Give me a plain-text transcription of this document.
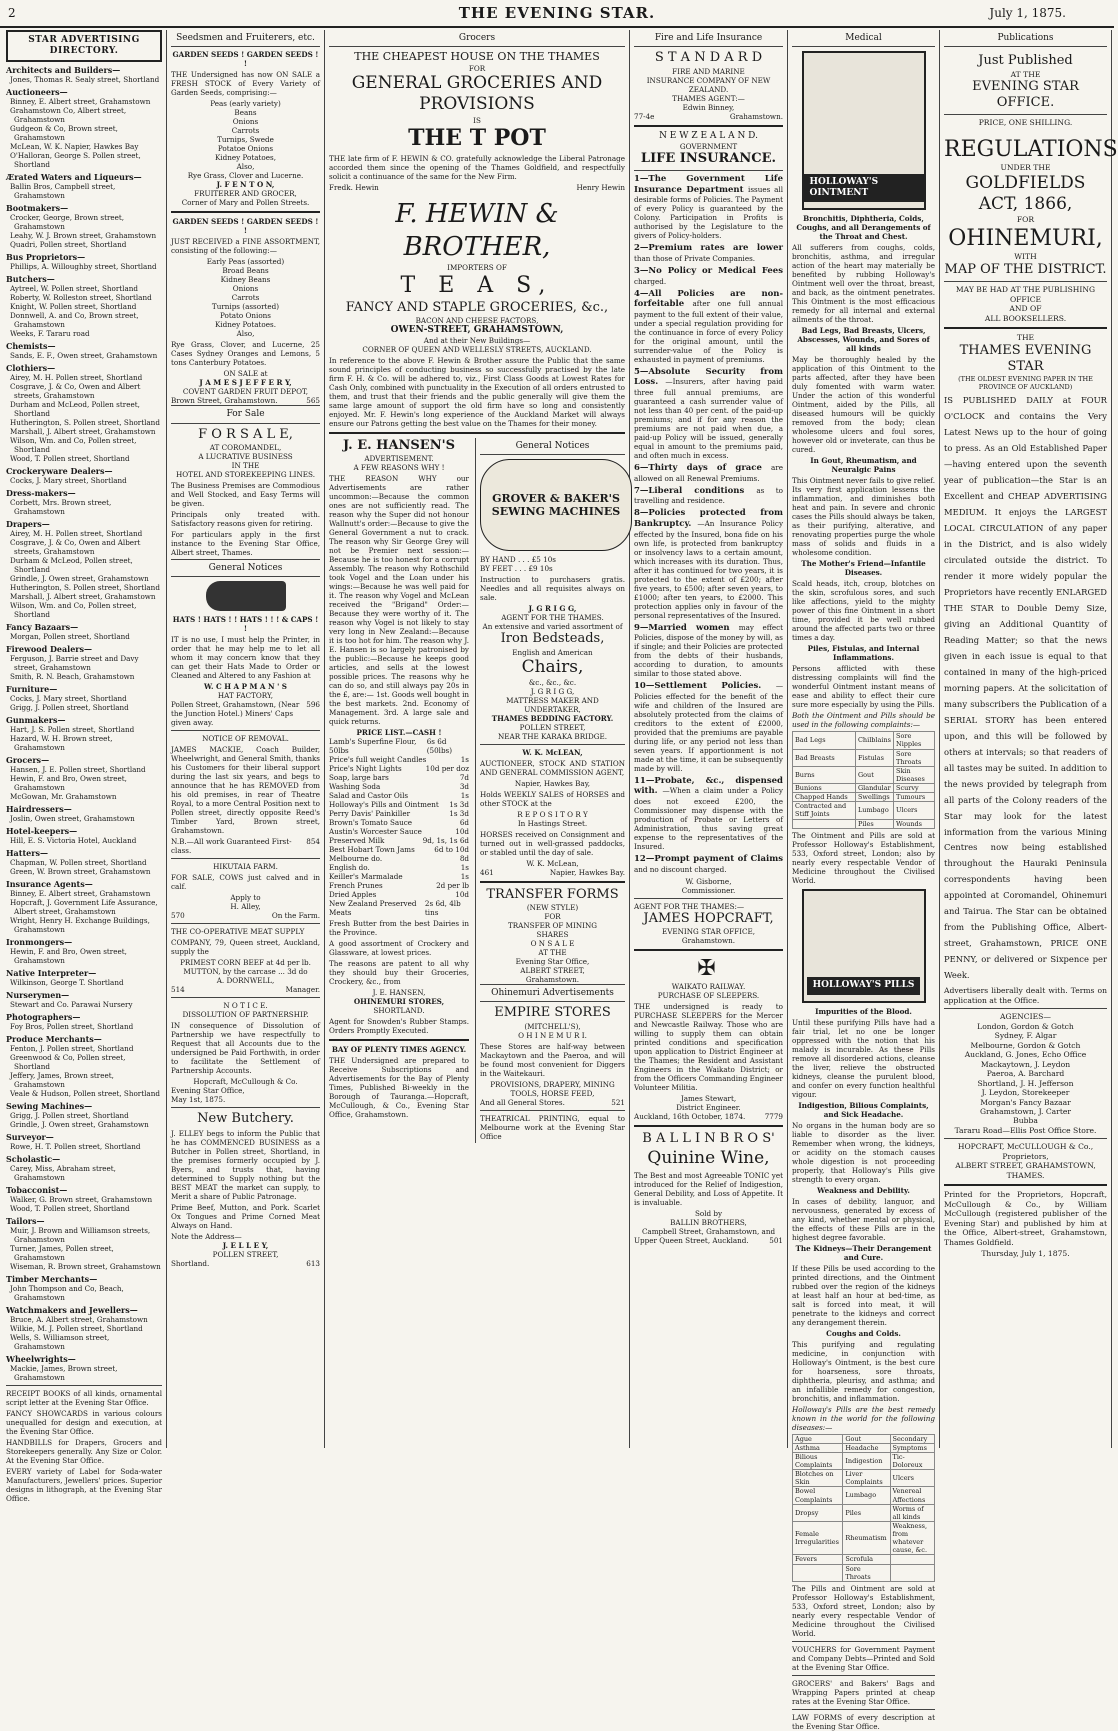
2	THE EVENING STAR.	July 1, 1875.
STAR ADVERTISING DIRECTORY.
Architects and Builders—
Jones, Thomas R. Sealy street, Shortland
Auctioneers—
Binney, E. Albert street, Grahamstown
Grahamstown Co, Albert street, Grahamstown
Gudgeon & Co, Brown street, Grahamstown
McLean, W. K. Napier, Hawkes Bay
O'Halloran, George S. Pollen street, Shortland
Ærated Waters and Liqueurs—
Ballin Bros, Campbell street, Grahamstown
Bootmakers—
Crocker, George, Brown street, Grahamstown
Leahy, W. J. Brown street, Grahamstown
Quadri, Pollen street, Shortland
Bus Proprietors—
Phillips, A. Willoughby street, Shortland
Butchers—
Aytreel, W. Pollen street, Shortland
Roberty, W. Rolleston street, Shortland
Knight, W. Pollen street, Shortland
Donnwell, A. and Co, Brown street, Grahamstown
Weeks, F. Tararu road
Chemists—
Sands, E. F., Owen street, Grahamstown
Clothiers—
Airey, M. H. Pollen street, Shortland
Cosgrave, J. & Co, Owen and Albert streets, Grahamstown
Durham and McLeod, Pollen street, Shortland
Hutherington, S. Pollen street, Shortland
Marshall, J. Albert street, Grahamstown
Wilson, Wm. and Co, Pollen street, Shortland
Wood, T. Pollen street, Shortland
Crockeryware Dealers—
Cocks, J. Mary street, Shortland
Dress-makers—
Corbett, Mrs. Brown street, Grahamstown
Drapers—
Airey, M. H. Pollen street, Shortland
Cosgrave, J. & Co, Owen and Albert streets, Grahamstown
Durham & McLeod, Pollen street, Shortland
Grindle, J. Owen street, Grahamstown
Hutherington, S. Pollen street, Shortland
Marshall, J. Albert street, Grahamstown
Wilson, Wm. and Co, Pollen street, Shortland
Fancy Bazaars—
Morgan, Pollen street, Shortland
Firewood Dealers—
Ferguson, J. Barrie street and Davy street, Grahamstown
Smith, R. N. Beach, Grahamstown
Furniture—
Cocks, J. Mary street, Shortland
Grigg, J. Pollen street, Shortland
Gunmakers—
Hart, J. S. Pollen street, Shortland
Hazard, W. H. Brown street, Grahamstown
Grocers—
Hansen, J. E. Pollen street, Shortland
Hewin, F. and Bro, Owen street, Grahamstown
McGowan, Mr. Grahamstown
Hairdressers—
Joslin, Owen street, Grahamstown
Hotel-keepers—
Hill, E. S. Victoria Hotel, Auckland
Hatters—
Chapman, W. Pollen street, Shortland
Green, W. Brown street, Grahamstown
Insurance Agents—
Binney, E. Albert street, Grahamstown
Hopcraft, J. Government Life Assurance, Albert street, Grahamstown
Wright, Henry H. Exchange Buildings, Grahamstown
Ironmongers—
Hewin, F. and Bro, Owen street, Grahamstown
Native Interpreter—
Wilkinson, George T. Shortland
Nurserymen—
Stewart and Co. Parawai Nursery
Photographers—
Foy Bros, Pollen street, Shortland
Produce Merchants—
Fenton, J. Pollen street, Shortland
Greenwood & Co, Pollen street, Shortland
Jeffery, James, Brown street, Grahamstown
Veale & Hudson, Pollen street, Shortland
Sewing Machines—
Grigg, J. Pollen street, Shortland
Grindle, J. Owen street, Grahamstown
Surveyor—
Rowe, H. T. Pollen street, Shortland
Scholastic—
Carey, Miss, Abraham street, Grahamstown
Tobacconist—
Walker, G. Brown street, Grahamstown
Wood, T. Pollen street, Shortland
Tailors—
Muir, J. Brown and Williamson streets, Grahamstown
Turner, James, Pollen street, Grahamstown
Wiseman, R. Brown street, Grahamstown
Timber Merchants—
John Thompson and Co, Beach, Grahamstown
Watchmakers and Jewellers—
Bruce, A. Albert street, Grahamstown
Wilkie, M. J. Pollen street, Shortland
Wells, S. Williamson street, Grahamstown
Wheelwrights—
Mackie, James, Brown street, Grahamstown
RECEIPT BOOKS of all kinds, ornamental script letter at the Evening Star Office.
FANCY SHOWCARDS in various colours unequalled for design and execution, at the Evening Star Office.
HANDBILLS for Drapers, Grocers and Storekeepers generally. Any Size or Color. At the Evening Star Office.
EVERY variety of Label for Soda-water Manufacturers, Jewellers' prices. Superior designs in lithograph, at the Evening Star Office.
Seedsmen and Fruiterers, etc.
GARDEN SEEDS ! GARDEN SEEDS ! !
THE Undersigned has now ON SALE a FRESH STOCK of Every Variety of Garden Seeds, comprising:—
Peas (early variety)
Beans
Onions
Carrots
Turnips, Swede
Potatoe Onions
Kidney Potatoes,
Also,
Rye Grass, Clover and Lucerne.
J. F E N T O N,
FRUITERER AND GROCER,
Corner of Mary and Pollen Streets.
GARDEN SEEDS ! GARDEN SEEDS ! !
JUST RECEIVED a FINE ASSORTMENT, consisting of the following:—
Early Peas (assorted)
Broad Beans
Kidney Beans
Onions
Carrots
Turnips (assorted)
Potato Onions
Kidney Potatoes.
Also,
Rye Grass, Clover, and Lucerne, 25 Cases Sydney Oranges and Lemons, 5 tons Canterbury Potatoes.
ON SALE at
J A M E S J E F F E R Y,
COVENT GARDEN FRUIT DEPOT,
Brown Street, Grahamstown.	565
For Sale
F O R S A L E,
AT COROMANDEL,
A LUCRATIVE BUSINESS
IN THE
HOTEL AND STOREKEEPING LINES.
The Business Premises are Commodious and Well Stocked, and Easy Terms will be given.
Principals only treated with. Satisfactory reasons given for retiring.
For particulars apply in the first instance to the Evening Star Office, Albert street, Thames.
General Notices
HATS ! HATS ! ! HATS ! ! ! & CAPS ! !
IT is no use, I must help the Printer, in order that he may help me to let all whom it may concern know that they can get their Hats Made to Order or Cleaned and Altered to any Fashion at
W. C H A P M A N ' S
HAT FACTORY,
Pollen Street, Grahamstown, (Near the Junction Hotel.) Miners' Caps given away.
596
NOTICE OF REMOVAL.
JAMES MACKIE, Coach Builder, Wheelwright, and General Smith, thanks his Customers for their liberal support during the last six years, and begs to announce that he has REMOVED from his old premises, in rear of Theatre Royal, to a more Central Position next to Pollen street, directly opposite Reed's Timber Yard, Brown street, Grahamstown.
N.B.—All work Guaranteed First-class.
854
HIKUTAIA FARM.
FOR SALE, COWS just calved and in calf.
Apply to
H. Alley,
570	On the Farm.
THE CO-OPERATIVE MEAT SUPPLY
COMPANY, 79, Queen street, Auckland, supply the
PRIMEST CORN BEEF at 4d per lb.
MUTTON, by the carcase ... 3d do
A. DORNWELL,
514	Manager.
N O T I C E.
DISSOLUTION OF PARTNERSHIP.
IN consequence of Dissolution of Partnership we have respectfully to Request that all Accounts due to the undersigned be Paid Forthwith, in order to facilitate the Settlement of Partnership Accounts.
Hopcraft, McCullough & Co.
Evening Star Office,
May 1st, 1875.
New Butchery.
J. ELLEY begs to inform the Public that he has COMMENCED BUSINESS as a Butcher in Pollen street, Shortland, in the premises formerly occupied by J. Byers, and trusts that, having determined to Supply nothing but the BEST MEAT the market can supply, to Merit a share of Public Patronage.
Prime Beef, Mutton, and Pork. Scarlet Ox Tongues and Prime Corned Meat Always on Hand.
Note the Address—
J. E L L E Y,
POLLEN STREET,
Shortland.	613
Grocers
THE CHEAPEST HOUSE ON THE THAMES
FOR
GENERAL GROCERIES AND PROVISIONS
IS
THE T POT
THE late firm of F. HEWIN & CO. gratefully acknowledge the Liberal Patronage accorded them since the opening of the Thames Goldfield, and respectfully solicit a continuance of the same for the New Firm.
Fredk. Hewin	Henry Hewin
F. HEWIN & BROTHER,
IMPORTERS OF
T E A S,
FANCY AND STAPLE GROCERIES, &c.,
BACON AND CHEESE FACTORS,
OWEN-STREET, GRAHAMSTOWN,
And at their New Buildings—
CORNER OF QUEEN AND WELLESLY STREETS, AUCKLAND.
In reference to the above F. Hewin & Brother assure the Public that the same sound principles of conducting business so successfully practised by the late firm F. H. & Co. will be adhered to, viz., First Class Goods at Lowest Rates for Cash Only, combined with punctuality in the Execution of all orders entrusted to them, and trust that their friends and the public generally will give them the same large amount of support the old firm have so long and consistently enjoyed. Mr. F. Hewin's long experience of the Auckland Market will always ensure our Patrons getting the best value on the Thames for their money.
J. E. HANSEN'S
ADVERTISEMENT.
A FEW REASONS WHY !
THE REASON WHY our Advertisements are rather uncommon:—Because the common ones are not sufficiently read. The reason why the Super did not honour Wallnutt's order:—Because to give the General Government a nut to crack. The reason why Sir George Grey will not be Premier next session:—Because he is too honest for a corrupt Assembly. The reason why Rothschild took Vogel and the Loan under his wings:—Because he was well paid for it. The reason why Vogel and McLean received the "Brigand" Order:—Because they were worthy of it. The reason why Vogel is not likely to stay very long in New Zealand:—Because it is too hot for him. The reason why J. E. Hansen is so largely patronised by the public:—Because he keeps good articles, and sells at the lowest possible prices. The reasons why he can do so, and still always pay 20s in the £, are:— 1st. Goods well bought in the best markets. 2nd. Economy of Management. 3rd. A large sale and quick returns.
PRICE LIST.—CASH !
Lamb's Superfine Flour, 50lbs
6s 6d (50lbs)
Price's full weight Candles	1s
Price's Night Lights	10d per doz
Soap, large bars	7d
Washing Soda	3d
Salad and Castor Oils	1s
Holloway's Pills and Ointment 1s 3d
Perry Davis' Painkiller	1s 3d
Brown's Tomato Sauce	6d
Austin's Worcester Sauce	10d
Preserved Milk	9d, 1s, 1s 6d
Best Hobart Town Jams	6d to 10d
Melbourne do.	8d
English do.	1s
Keiller's Marmalade	1s
French Prunes	2d per lb
Dried Apples	10d
New Zealand Preserved Meats
2s 6d, 4lb tins
Fresh Butter from the best Dairies in the Province.
A good assortment of Crockery and Glassware, at lowest prices.
The reasons are patent to all why they should buy their Groceries, Crockery, &c., from
J. E. HANSEN,
OHINEMURI STORES,
SHORTLAND.
Agent for Snowden's Rubber Stamps. Orders Promptly Executed.
BAY OF PLENTY TIMES AGENCY.
THE Undersigned are prepared to Receive Subscriptions and Advertisements for the Bay of Plenty Times, Published Bi-weekly in the Borough of Tauranga.—Hopcraft, McCullough, & Co., Evening Star Office, Grahamstown.
General Notices
GROVER & BAKER'S SEWING MACHINES
BY HAND . . . £5 10s
BY FEET . . . £9 10s
Instruction to purchasers gratis. Needles and all requisites always on sale.
J. G R I G G,
AGENT FOR THE THAMES.
An extensive and varied assortment of
Iron Bedsteads,
English and American
Chairs,
&c., &c., &c.
J. G R I G G,
MATTRESS MAKER AND UNDERTAKER,
THAMES BEDDING FACTORY.
POLLEN STREET,
NEAR THE KARAKA BRIDGE.
W. K. McLEAN,
AUCTIONEER, STOCK AND STATION AND GENERAL COMMISSION AGENT,
Napier, Hawkes Bay,
Holds WEEKLY SALES of HORSES and other STOCK at the
R E P O S I T O R Y
In Hastings Street.
HORSES received on Consignment and turned out in well-grassed paddocks, or stabled until the day of sale.
W. K. McLean,
461	Napier, Hawkes Bay.
TRANSFER FORMS
(NEW STYLE)
FOR
TRANSFER OF MINING
SHARES
O N S A L E
AT THE
Evening Star Office,
ALBERT STREET,
Grahamstown.
Ohinemuri Advertisements
EMPIRE STORES
(MITCHELL'S),
O H I N E M U R I.
These Stores are half-way between Mackaytown and the Paeroa, and will be found most convenient for Diggers in the Waitekauri.
PROVISIONS, DRAPERY, MINING TOOLS, HORSE FEED,
And all General Stores.	521
THEATRICAL PRINTING, equal to Melbourne work at the Evening Star Office
Fire and Life Insurance
S T A N D A R D
FIRE AND MARINE
INSURANCE COMPANY OF NEW
ZEALAND.
THAMES AGENT:—
Edwin Binney,
77-4e	Grahamstown.
N E W Z E A L A N D.
GOVERNMENT
LIFE INSURANCE.
1—The Government Life Insurance Department issues all desirable forms of Policies. The Payment of every Policy is guaranteed by the Colony. Participation in Profits is authorised by the Legislature to the givers of Policy-holders.
2—Premium rates are lower than those of Private Companies.
3—No Policy or Medical Fees charged.
4—All Policies are non-forfeitable after one full annual payment to the full extent of their value, under a special regulation providing for the continuance in force of every Policy for the original amount, until the surrender-value of the Policy is exhausted in payment of premiums.
5—Absolute Security from Loss. —Insurers, after having paid three full annual premiums, are guaranteed a cash surrender value of not less than 40 per cent. of the paid-up premiums; and if for any reason the premiums are not paid when due, a paid-up Policy will be issued, generally equal in amount to the premiums paid, and often much in excess.
6—Thirty days of grace are allowed on all Renewal Premiums.
7—Liberal conditions as to travelling and residence.
8—Policies protected from Bankruptcy. —An Insurance Policy effected by the Insured, bona fide on his own life, is protected from bankruptcy or insolvency laws to a certain amount, which increases with its duration. Thus, after it has continued for two years, it is protected to the extent of £200; after five years, to £500; after seven years, to £1000; after ten years, to £2000. This protection applies only in favour of the personal representatives of the Insured.
9—Married women may effect Policies, dispose of the money by will, as if single; and their Policies are protected from the debts of their husbands, according to duration, to amounts similar to those stated above.
10—Settlement Policies. —Policies effected for the benefit of the wife and children of the Insured are absolutely protected from the claims of creditors to the extent of £2000, provided that the premiums are payable during life, or any period not less than seven years. If apportionment is not made at the time, it can be subsequently made by will.
11—Probate, &c., dispensed with. —When a claim under a Policy does not exceed £200, the Commissioner may dispense with the production of Probate or Letters of Administration, thus saving great expense to the representatives of the Insured.
12—Prompt payment of Claims and no discount charged.
W. Gisborne,
Commissioner.
AGENT FOR THE THAMES:—
JAMES HOPCRAFT,
EVENING STAR OFFICE,
Grahamstown.
✠
WAIKATO RAILWAY.
PURCHASE OF SLEEPERS.
THE undersigned is ready to PURCHASE SLEEPERS for the Mercer and Newcastle Railway. Those who are willing to supply them can obtain printed conditions and specification upon application to District Engineer at the Thames; the Resident and Assistant Engineers in the Waikato District; or from the Officers Commanding Engineer Volunteer Militia.
James Stewart,
District Engineer.
Auckland, 16th October, 1874.	7779
B A L L I N B R O S'
Quinine Wine,
The Best and most Agreeable TONIC yet introduced for the Relief of Indigestion, General Debility, and Loss of Appetite. It is invaluable.
Sold by
BALLIN BROTHERS,
Campbell Street, Grahamstown, and
Upper Queen Street, Auckland.	501
Medical
HOLLOWAY'S OINTMENT
Bronchitis, Diphtheria, Colds, Coughs, and all Derangements of the Throat and Chest.
All sufferers from coughs, colds, bronchitis, asthma, and irregular action of the heart may materially be benefited by rubbing Holloway's Ointment well over the throat, breast, and back, as the ointment penetrates. This Ointment is the most efficacious remedy for all internal and external ailments of the throat.
Bad Legs, Bad Breasts, Ulcers, Abscesses, Wounds, and Sores of all kinds
May be thoroughly healed by the application of this Ointment to the parts affected, after they have been duly fomented with warm water. Under the action of this wonderful Ointment, aided by the Pills, all diseased humours will be quickly removed from the body; clean wholesome ulcers and foul sores, however old or inveterate, can thus be cured.
In Gout, Rheumatism, and Neuralgic Pains
This Ointment never fails to give relief. Its very first application lessens the inflammation, and diminishes both heat and pain. In severe and chronic cases the Pills should always be taken, as their purifying, alterative, and renovating properties purge the whole mass of solids and fluids in a wholesome condition.
The Mother's Friend—Infantile Diseases.
Scald heads, itch, croup, blotches on the skin, scrofulous sores, and such like affections, yield to the mighty power of this fine Ointment in a short time, provided it be well rubbed around the affected parts two or three times a day.
Piles, Fistulas, and Internal Inflammations.
Persons afflicted with these distressing complaints will find the wonderful Ointment instant means of ease and ability to effect their cure sure more especially by using the Pills.
Both the Ointment and Pills should be used in the following complaints:—
Bad Legs	Chilblains	Sore Nipples
Bad Breasts	Fistulas	Sore Throats
Burns	Gout	Skin Diseases
Bunions	Glandular	Scurvy
Chapped Hands	Swellings	Tumours
Contracted and Stiff Joints	Lumbago	Ulcers
	Piles	Wounds
The Ointment and Pills are sold at Professor Holloway's Establishment, 533, Oxford street, London; also by nearly every respectable Vendor of Medicine throughout the Civilised World.
HOLLOWAY'S PILLS
Impurities of the Blood.
Until these purifying Pills have had a fair trial, let no one be longer oppressed with the notion that his malady is incurable. As these Pills remove all disordered actions, cleanse the liver, relieve the obstructed kidneys, cleanse the purulent blood, and confer on every function healthful vigour.
Indigestion, Bilious Complaints, and Sick Headache.
No organs in the human body are so liable to disorder as the liver. Remember when wrong, the kidneys, or acidity on the stomach causes whole digestion is not proceeding properly, that Holloway's Pills give strength to every organ.
Weakness and Debility.
In cases of debility, languor, and nervousness, generated by excess of any kind, whether mental or physical, the effects of these Pills are in the highest degree favorable.
The Kidneys—Their Derangement and Cure.
If these Pills be used according to the printed directions, and the Ointment rubbed over the region of the kidneys at least half an hour at bed-time, as salt is forced into meat, it will penetrate to the kidneys and correct any derangement therein.
Coughs and Colds.
This purifying and regulating medicine, in conjunction with Holloway's Ointment, is the best cure for hoarseness, sore throats, diphtheria, pleurisy, and asthma; and an infallible remedy for congestion, bronchitis, and inflammation.
Holloway's Pills are the best remedy known in the world for the following diseases:—
Ague	Gout	Secondary
Asthma	Headache	Symptoms
Bilious Complaints	Indigestion	Tic-Doloreux
Blotches on Skin	Liver Complaints	Ulcers
Bowel Complaints	Lumbago	Venereal Affections
Dropsy	Piles	Worms of all kinds
Female Irregularities	Rheumatism	Weakness, from whatever cause, &c.
Fevers	Scrofula	
	Sore Throats	
The Pills and Ointment are sold at Professor Holloway's Establishment, 533, Oxford street, London; also by nearly every respectable Vendor of Medicine throughout the Civilised World.
VOUCHERS for Government Payment and Company Debts—Printed and Sold at the Evening Star Office.
GROCERS' and Bakers' Bags and Wrapping Papers printed at cheap rates at the Evening Star Office.
LAW FORMS of every description at the Evening Star Office.
Publications
Just Published
AT THE
EVENING STAR OFFICE.
PRICE, ONE SHILLING.
REGULATIONS
UNDER THE
GOLDFIELDS ACT, 1866,
FOR
OHINEMURI,
WITH
MAP OF THE DISTRICT.
MAY BE HAD AT THE PUBLISHING OFFICE
AND OF
ALL BOOKSELLERS.
THE
THAMES EVENING STAR
(THE OLDEST EVENING PAPER IN THE PROVINCE OF AUCKLAND)
IS PUBLISHED DAILY at FOUR O'CLOCK and contains the Very Latest News up to the hour of going to press. As an Old Established Paper—having entered upon the seventh year of publication—the Star is an Excellent and CHEAP ADVERTISING MEDIUM. It enjoys the LARGEST LOCAL CIRCULATION of any paper in the District, and is also widely circulated outside the district. To render it more widely popular the Proprietors have recently ENLARGED THE STAR to Double Demy Size, giving an Additional Quantity of Reading Matter; so that the news given in each issue is equal to that contained in many of the high-priced morning papers. At the solicitation of many subscribers the Publication of a SERIAL STORY has been entered upon, and this will be followed by others at intervals; so that readers of all tastes may be suited. In addition to the news provided by telegraph from all parts of the Colony readers of the Star may look for the latest information from the various Mining Centres now being established throughout the Hauraki Peninsula correspondents having been appointed at Coromandel, Ohinemuri and Tairua. The Star can be obtained from the Publishing Office, Albert-street, Grahamstown, PRICE ONE PENNY, or delivered or Sixpence per Week.
Advertisers liberally dealt with. Terms on application at the Office.
AGENCIES—
London, Gordon & Gotch
Sydney, F. Algar
Melbourne, Gordon & Gotch
Auckland, G. Jones, Echo Office
Mackaytown, J. Leydon
Paeroa, A. Barchard
Shortland, J. H. Jefferson
J. Leydon, Storekeeper
Morgan's Fancy Bazaar
Grahamstown, J. Carter
Bubba
Tararu Road—Ellis Post Office Store.
HOPCRAFT, McCULLOUGH & Co.,
Proprietors,
ALBERT STREET, GRAHAMSTOWN,
THAMES.
Printed for the Proprietors, Hopcraft, McCullough & Co., by William McCullough (registered publisher of the Evening Star) and published by him at the Office, Albert-street, Grahamstown, Thames Goldfield.
Thursday, July 1, 1875.
